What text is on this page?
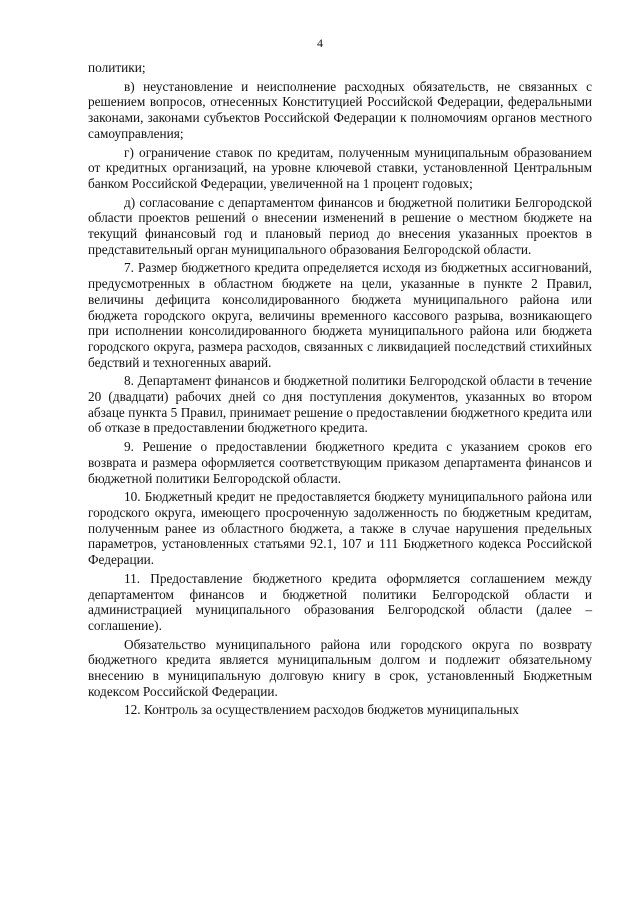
4

политики;

в) неустановление и неисполнение расходных обязательств, не связанных с решением вопросов, отнесенных Конституцией Российской Федерации, федеральными законами, законами субъектов Российской Федерации к полномочиям органов местного самоуправления;

г) ограничение ставок по кредитам, полученным муниципальным образованием от кредитных организаций, на уровне ключевой ставки, установленной Центральным банком Российской Федерации, увеличенной на 1 процент годовых;

д) согласование с департаментом финансов и бюджетной политики Белгородской области проектов решений о внесении изменений в решение о местном бюджете на текущий финансовый год и плановый период до внесения указанных проектов в представительный орган муниципального образования Белгородской области.

7. Размер бюджетного кредита определяется исходя из бюджетных ассигнований, предусмотренных в областном бюджете на цели, указанные в пункте 2 Правил, величины дефицита консолидированного бюджета муниципального района или бюджета городского округа, величины временного кассового разрыва, возникающего при исполнении консолидированного бюджета муниципального района или бюджета городского округа, размера расходов, связанных с ликвидацией последствий стихийных бедствий и техногенных аварий.

8. Департамент финансов и бюджетной политики Белгородской области в течение 20 (двадцати) рабочих дней со дня поступления документов, указанных во втором абзаце пункта 5 Правил, принимает решение о предоставлении бюджетного кредита или об отказе в предоставлении бюджетного кредита.

9. Решение о предоставлении бюджетного кредита с указанием сроков его возврата и размера оформляется соответствующим приказом департамента финансов и бюджетной политики Белгородской области.

10. Бюджетный кредит не предоставляется бюджету муниципального района или городского округа, имеющего просроченную задолженность по бюджетным кредитам, полученным ранее из областного бюджета, а также в случае нарушения предельных параметров, установленных статьями 92.1, 107 и 111 Бюджетного кодекса Российской Федерации.

11. Предоставление бюджетного кредита оформляется соглашением между департаментом финансов и бюджетной политики Белгородской области и администрацией муниципального образования Белгородской области (далее – соглашение).

Обязательство муниципального района или городского округа по возврату бюджетного кредита является муниципальным долгом и подлежит обязательному внесению в муниципальную долговую книгу в срок, установленный Бюджетным кодексом Российской Федерации.

12. Контроль за осуществлением расходов бюджетов муниципальных
